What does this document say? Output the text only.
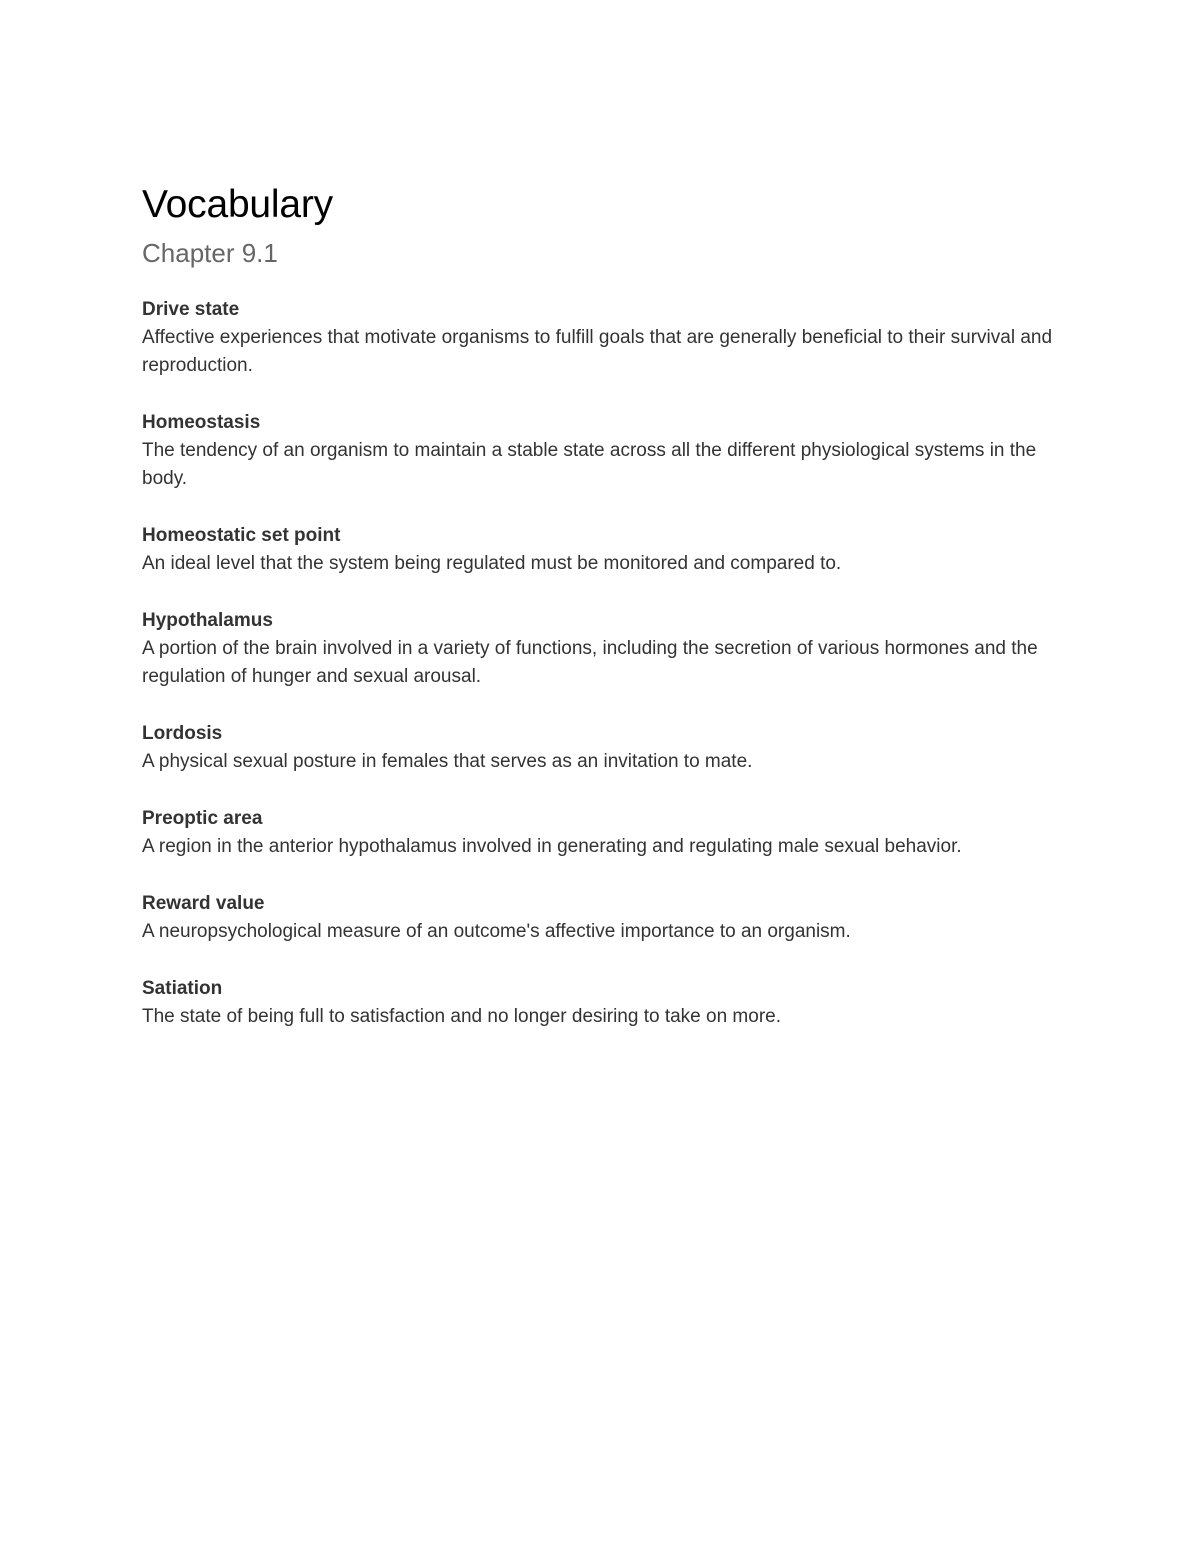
Vocabulary
Chapter 9.1

Drive state

Affective experiences that motivate organisms to fulfill goals that are generally beneficial to their survival and reproduction.

Homeostasis

The tendency of an organism to maintain a stable state across all the different physiological systems in the body.

Homeostatic set point

An ideal level that the system being regulated must be monitored and compared to.

Hypothalamus

A portion of the brain involved in a variety of functions, including the secretion of various hormones and the regulation of hunger and sexual arousal.

Lordosis

A physical sexual posture in females that serves as an invitation to mate.

Preoptic area

A region in the anterior hypothalamus involved in generating and regulating male sexual behavior.

Reward value

A neuropsychological measure of an outcome's affective importance to an organism.

Satiation

The state of being full to satisfaction and no longer desiring to take on more.
